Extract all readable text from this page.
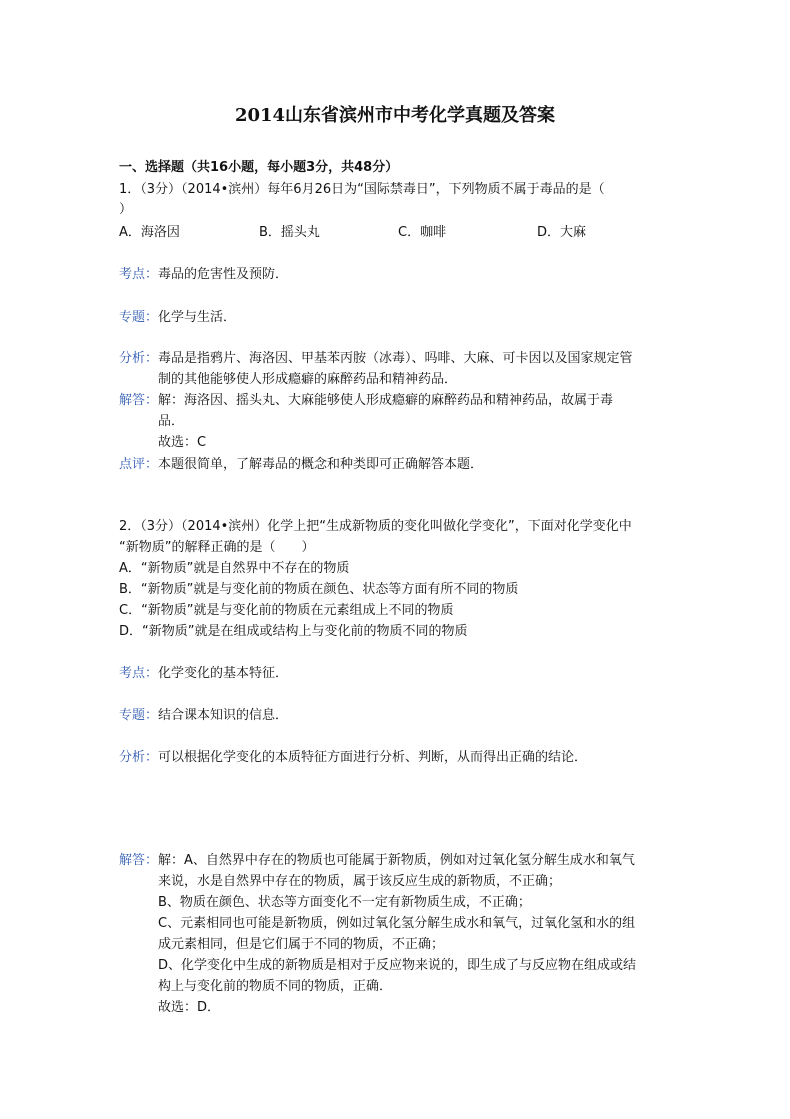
2014山东省滨州市中考化学真题及答案
一、选择题（共16小题，每小题3分，共48分）
1．（3分）（2014•滨州）每年6月26日为“国际禁毒日”，下列物质不属于毒品的是（
）
A．海洛因	B．摇头丸	C．咖啡	D．大麻
考点： 毒品的危害性及预防．
专题： 化学与生活．
分析： 毒品是指鸦片、海洛因、甲基苯丙胺（冰毒）、吗啡、大麻、可卡因以及国家规定管
制的其他能够使人形成瘾癖的麻醉药品和精神药品．
解答： 解：海洛因、摇头丸、大麻能够使人形成瘾癖的麻醉药品和精神药品，故属于毒
品．
故选：C
点评： 本题很简单，了解毒品的概念和种类即可正确解答本题．
2．（3分）（2014•滨州）化学上把“生成新物质的变化叫做化学变化”，下面对化学变化中
“新物质”的解释正确的是（　　）
A．“新物质”就是自然界中不存在的物质
B．“新物质”就是与变化前的物质在颜色、状态等方面有所不同的物质
C．“新物质”就是与变化前的物质在元素组成上不同的物质
D．“新物质”就是在组成或结构上与变化前的物质不同的物质
考点： 化学变化的基本特征．
专题： 结合课本知识的信息．
分析： 可以根据化学变化的本质特征方面进行分析、判断，从而得出正确的结论．
解答： 解：A、自然界中存在的物质也可能属于新物质，例如对过氧化氢分解生成水和氧气
来说，水是自然界中存在的物质，属于该反应生成的新物质，不正确；
B、物质在颜色、状态等方面变化不一定有新物质生成，不正确；
C、元素相同也可能是新物质，例如过氧化氢分解生成水和氧气，过氧化氢和水的组
成元素相同，但是它们属于不同的物质，不正确；
D、化学变化中生成的新物质是相对于反应物来说的，即生成了与反应物在组成或结
构上与变化前的物质不同的物质，正确．
故选：D．
